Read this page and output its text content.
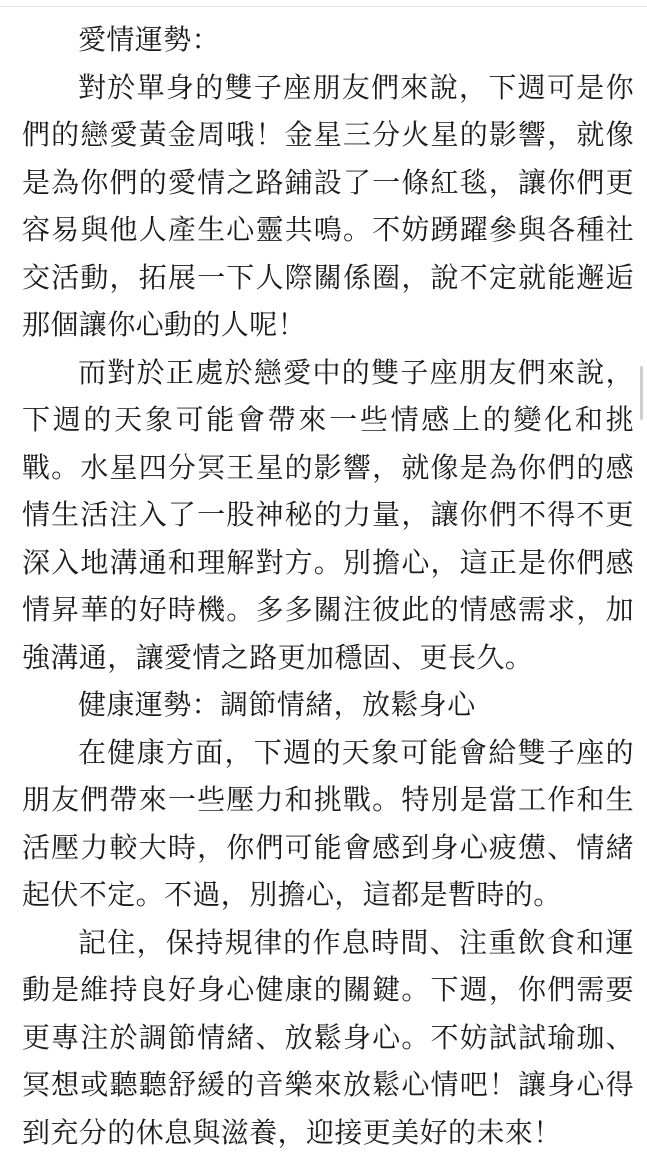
愛情運勢：

對於單身的雙子座朋友們來說，下週可是你們的戀愛黃金周哦！金星三分火星的影響，就像是為你們的愛情之路鋪設了一條紅毯，讓你們更容易與他人產生心靈共鳴。不妨踴躍參與各種社交活動，拓展一下人際關係圈，說不定就能邂逅那個讓你心動的人呢！

而對於正處於戀愛中的雙子座朋友們來說，下週的天象可能會帶來一些情感上的變化和挑戰。水星四分冥王星的影響，就像是為你們的感情生活注入了一股神秘的力量，讓你們不得不更深入地溝通和理解對方。別擔心，這正是你們感情昇華的好時機。多多關注彼此的情感需求，加強溝通，讓愛情之路更加穩固、更長久。

健康運勢：調節情緒，放鬆身心

在健康方面，下週的天象可能會給雙子座的朋友們帶來一些壓力和挑戰。特別是當工作和生活壓力較大時，你們可能會感到身心疲憊、情緒起伏不定。不過，別擔心，這都是暫時的。

記住，保持規律的作息時間、注重飲食和運動是維持良好身心健康的關鍵。下週，你們需要更專注於調節情緒、放鬆身心。不妨試試瑜珈、冥想或聽聽舒緩的音樂來放鬆心情吧！讓身心得到充分的休息與滋養，迎接更美好的未來！
